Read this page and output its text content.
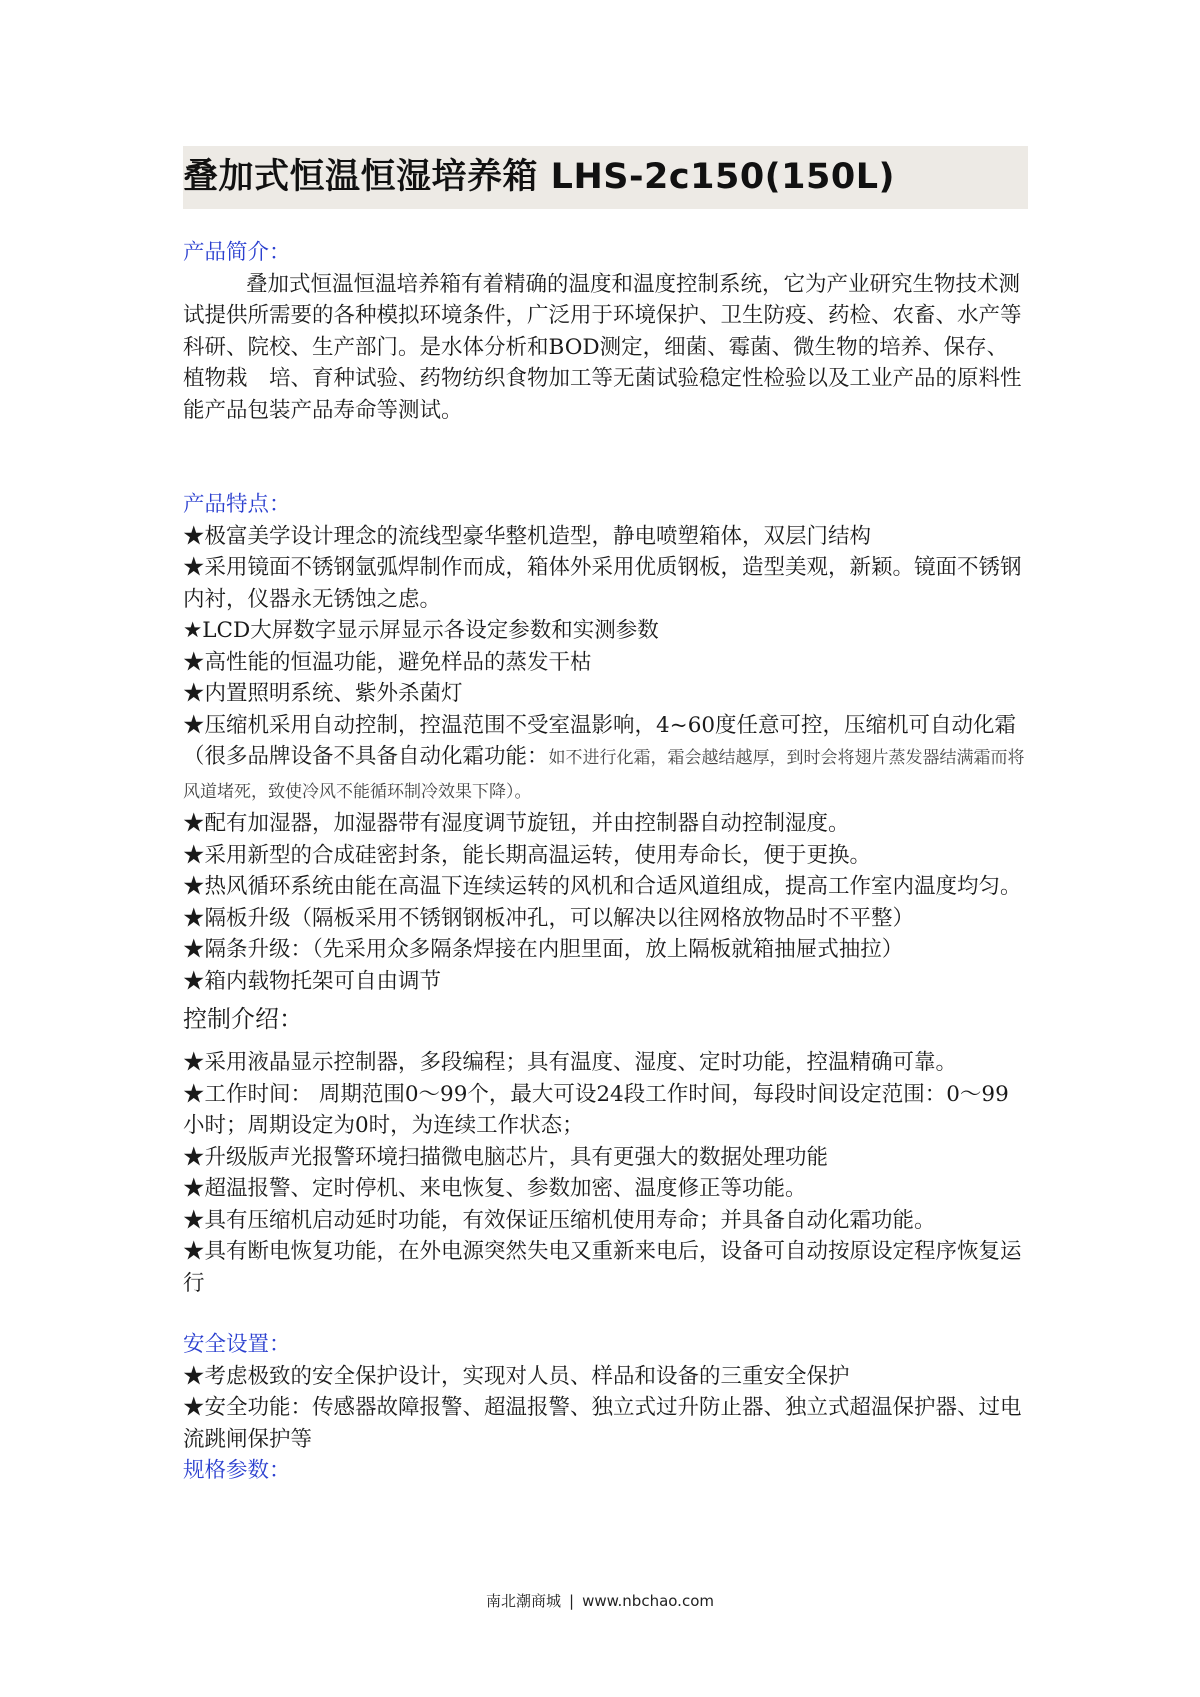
叠加式恒温恒湿培养箱 LHS-2c150(150L)

产品简介：

叠加式恒温恒温培养箱有着精确的温度和温度控制系统，它为产业研究生物技术测试提供所需要的各种模拟环境条件，广泛用于环境保护、卫生防疫、药检、农畜、水产等科研、院校、生产部门。是水体分析和BOD测定，细菌、霉菌、微生物的培养、保存、植物栽　培、育种试验、药物纺织食物加工等无菌试验稳定性检验以及工业产品的原料性能产品包装产品寿命等测试。

产品特点：

★极富美学设计理念的流线型豪华整机造型，静电喷塑箱体，双层门结构

★采用镜面不锈钢氩弧焊制作而成，箱体外采用优质钢板，造型美观，新颖。镜面不锈钢内衬，仪器永无锈蚀之虑。

★LCD大屏数字显示屏显示各设定参数和实测参数

★高性能的恒温功能，避免样品的蒸发干枯

★内置照明系统、紫外杀菌灯

★压缩机采用自动控制，控温范围不受室温影响，4~60度任意可控，压缩机可自动化霜（很多品牌设备不具备自动化霜功能：如不进行化霜，霜会越结越厚，到时会将翅片蒸发器结满霜而将风道堵死，致使冷风不能循环制冷效果下降）。

★配有加湿器，加湿器带有湿度调节旋钮，并由控制器自动控制湿度。

★采用新型的合成硅密封条，能长期高温运转，使用寿命长，便于更换。

★热风循环系统由能在高温下连续运转的风机和合适风道组成，提高工作室内温度均匀。

★隔板升级（隔板采用不锈钢钢板冲孔，可以解决以往网格放物品时不平整）

★隔条升级：（先采用众多隔条焊接在内胆里面，放上隔板就箱抽屉式抽拉）

★箱内载物托架可自由调节

控制介绍：

★采用液晶显示控制器，多段编程；具有温度、湿度、定时功能，控温精确可靠。

★工作时间： 周期范围0～99个，最大可设24段工作时间，每段时间设定范围：0～99小时；周期设定为0时，为连续工作状态；

★升级版声光报警环境扫描微电脑芯片，具有更强大的数据处理功能

★超温报警、定时停机、来电恢复、参数加密、温度修正等功能。

★具有压缩机启动延时功能，有效保证压缩机使用寿命；并具备自动化霜功能。

★具有断电恢复功能，在外电源突然失电又重新来电后，设备可自动按原设定程序恢复运行

安全设置：

★考虑极致的安全保护设计，实现对人员、样品和设备的三重安全保护

★安全功能：传感器故障报警、超温报警、独立式过升防止器、独立式超温保护器、过电流跳闸保护等

规格参数：

南北潮商城 | www.nbchao.com
